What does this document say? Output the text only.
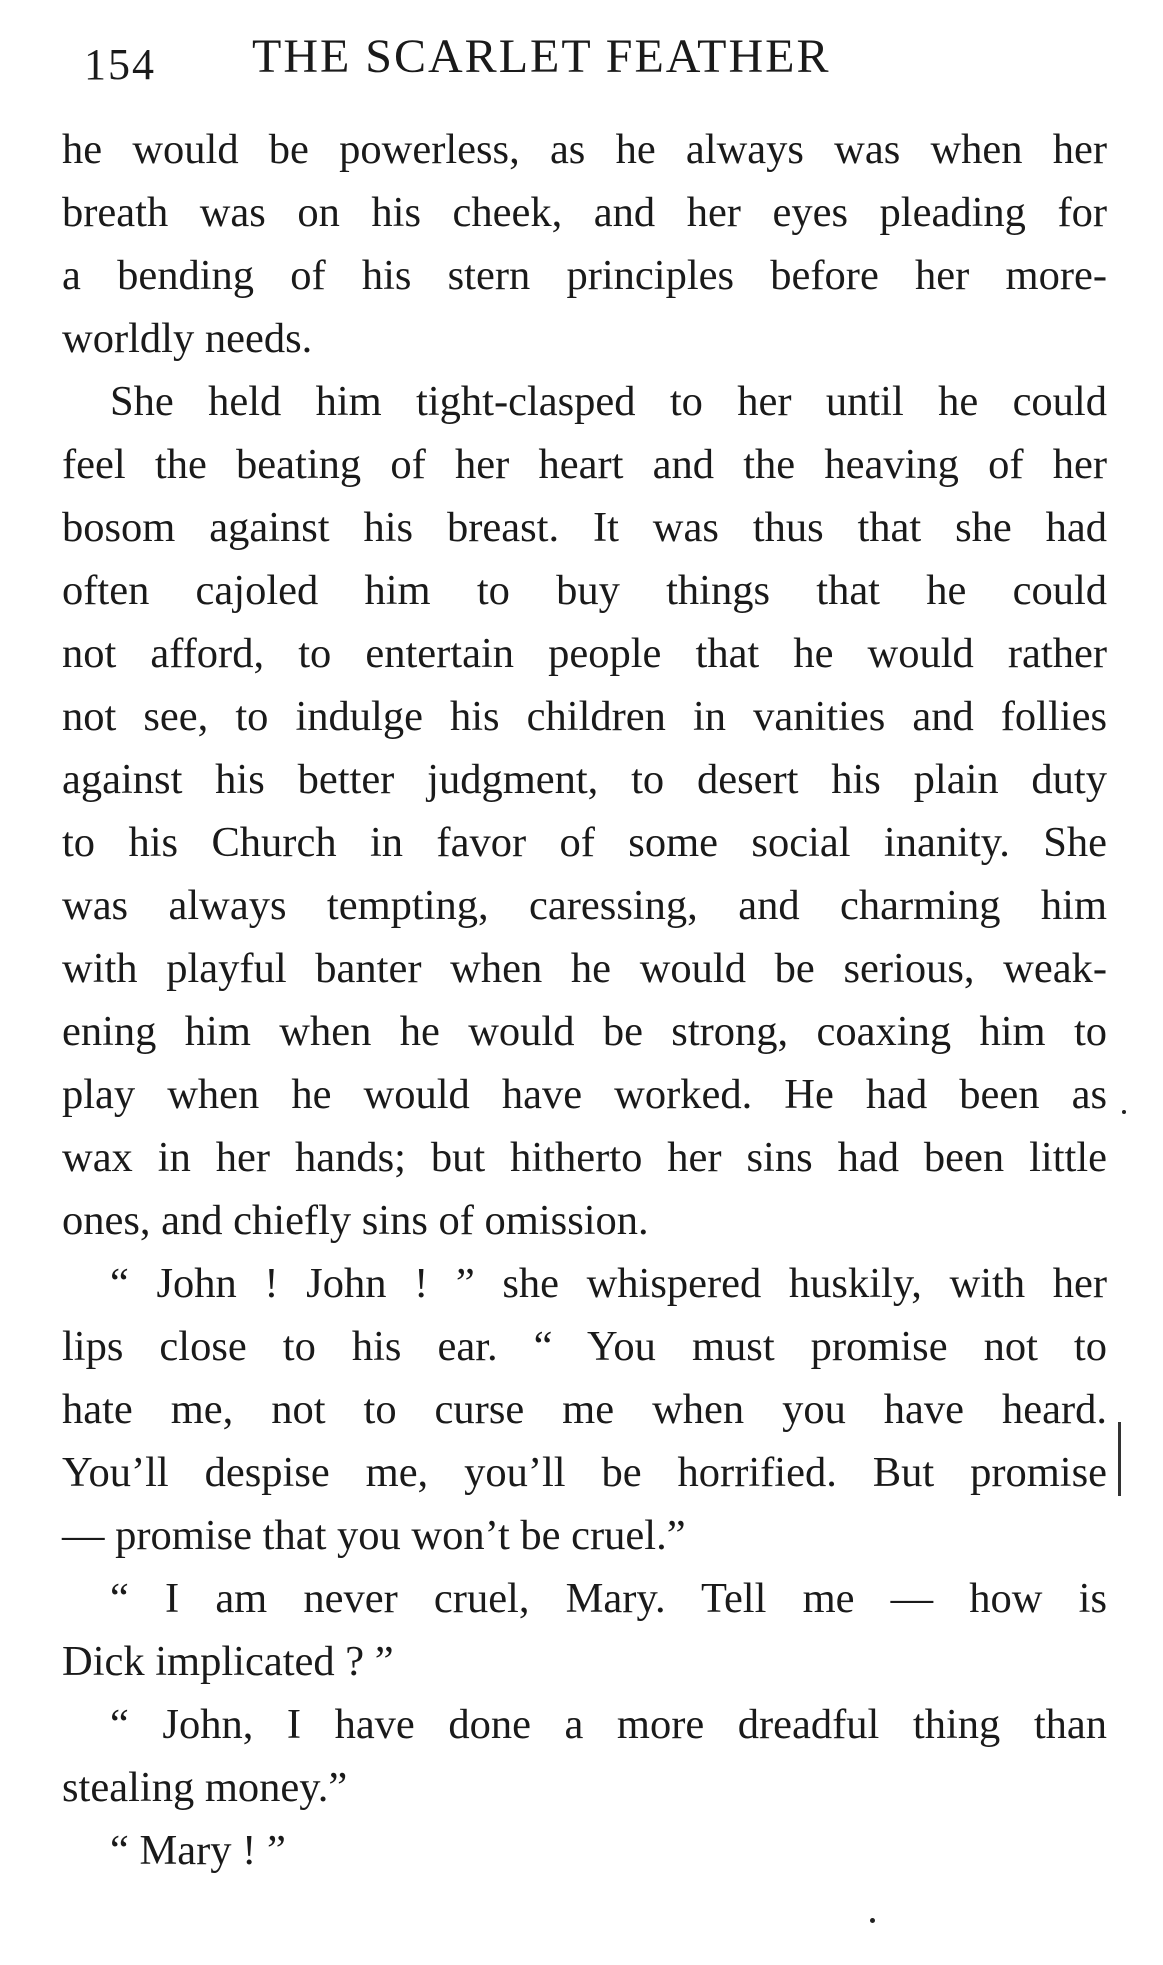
154 THE SCARLET FEATHER
he would be powerless, as he always was when her
breath was on his cheek, and her eyes pleading for
a bending of his stern principles before her more-
worldly needs.
She held him tight-clasped to her until he could
feel the beating of her heart and the heaving of her
bosom against his breast. It was thus that she had
often cajoled him to buy things that he could
not afford, to entertain people that he would rather
not see, to indulge his children in vanities and follies
against his better judgment, to desert his plain duty
to his Church in favor of some social inanity. She
was always tempting, caressing, and charming him
with playful banter when he would be serious, weak-
ening him when he would be strong, coaxing him to
play when he would have worked. He had been as
wax in her hands; but hitherto her sins had been little
ones, and chiefly sins of omission.
“ John ! John ! ” she whispered huskily, with her
lips close to his ear. “ You must promise not to
hate me, not to curse me when you have heard.
You’ll despise me, you’ll be horrified. But promise
— promise that you won’t be cruel.”
“ I am never cruel, Mary. Tell me — how is
Dick implicated ? ”
“ John, I have done a more dreadful thing than
stealing money.”
“ Mary ! ”
